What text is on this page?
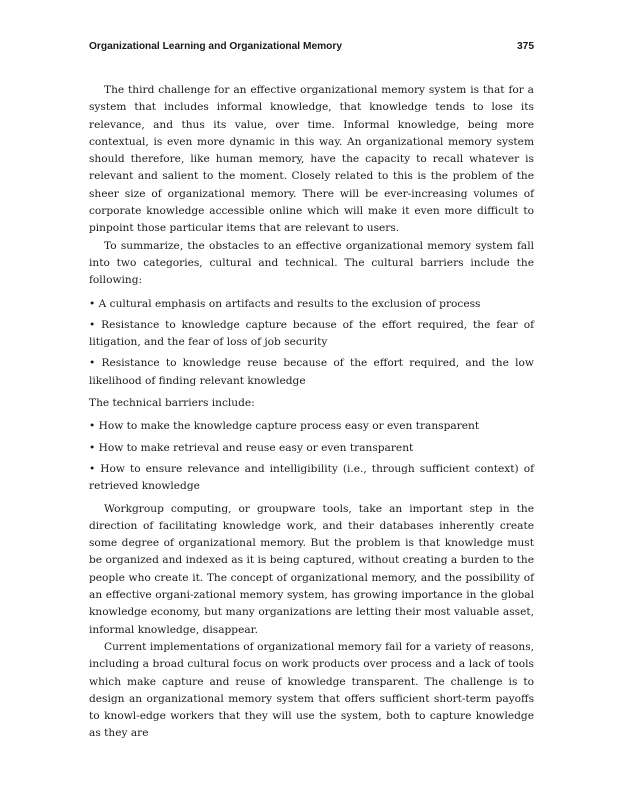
Organizational Learning and Organizational Memory	375

The third challenge for an effective organizational memory system is that for a system that includes informal knowledge, that knowledge tends to lose its relevance, and thus its value, over time. Informal knowledge, being more contextual, is even more dynamic in this way. An organizational memory system should therefore, like human memory, have the capacity to recall whatever is relevant and salient to the moment. Closely related to this is the problem of the sheer size of organizational memory. There will be ever-increasing volumes of corporate knowledge accessible online which will make it even more difficult to pinpoint those particular items that are relevant to users.

To summarize, the obstacles to an effective organizational memory system fall into two categories, cultural and technical. The cultural barriers include the following:

• A cultural emphasis on artifacts and results to the exclusion of process

• Resistance to knowledge capture because of the effort required, the fear of litigation, and the fear of loss of job security

• Resistance to knowledge reuse because of the effort required, and the low likelihood of finding relevant knowledge

The technical barriers include:

• How to make the knowledge capture process easy or even transparent

• How to make retrieval and reuse easy or even transparent

• How to ensure relevance and intelligibility (i.e., through sufficient context) of retrieved knowledge

Workgroup computing, or groupware tools, take an important step in the direction of facilitating knowledge work, and their databases inherently create some degree of organizational memory. But the problem is that knowledge must be organized and indexed as it is being captured, without creating a burden to the people who create it. The concept of organizational memory, and the possibility of an effective organi-zational memory system, has growing importance in the global knowledge economy, but many organizations are letting their most valuable asset, informal knowledge, disappear.

Current implementations of organizational memory fail for a variety of reasons, including a broad cultural focus on work products over process and a lack of tools which make capture and reuse of knowledge transparent. The challenge is to design an organizational memory system that offers sufficient short-term payoffs to knowl-edge workers that they will use the system, both to capture knowledge as they are
